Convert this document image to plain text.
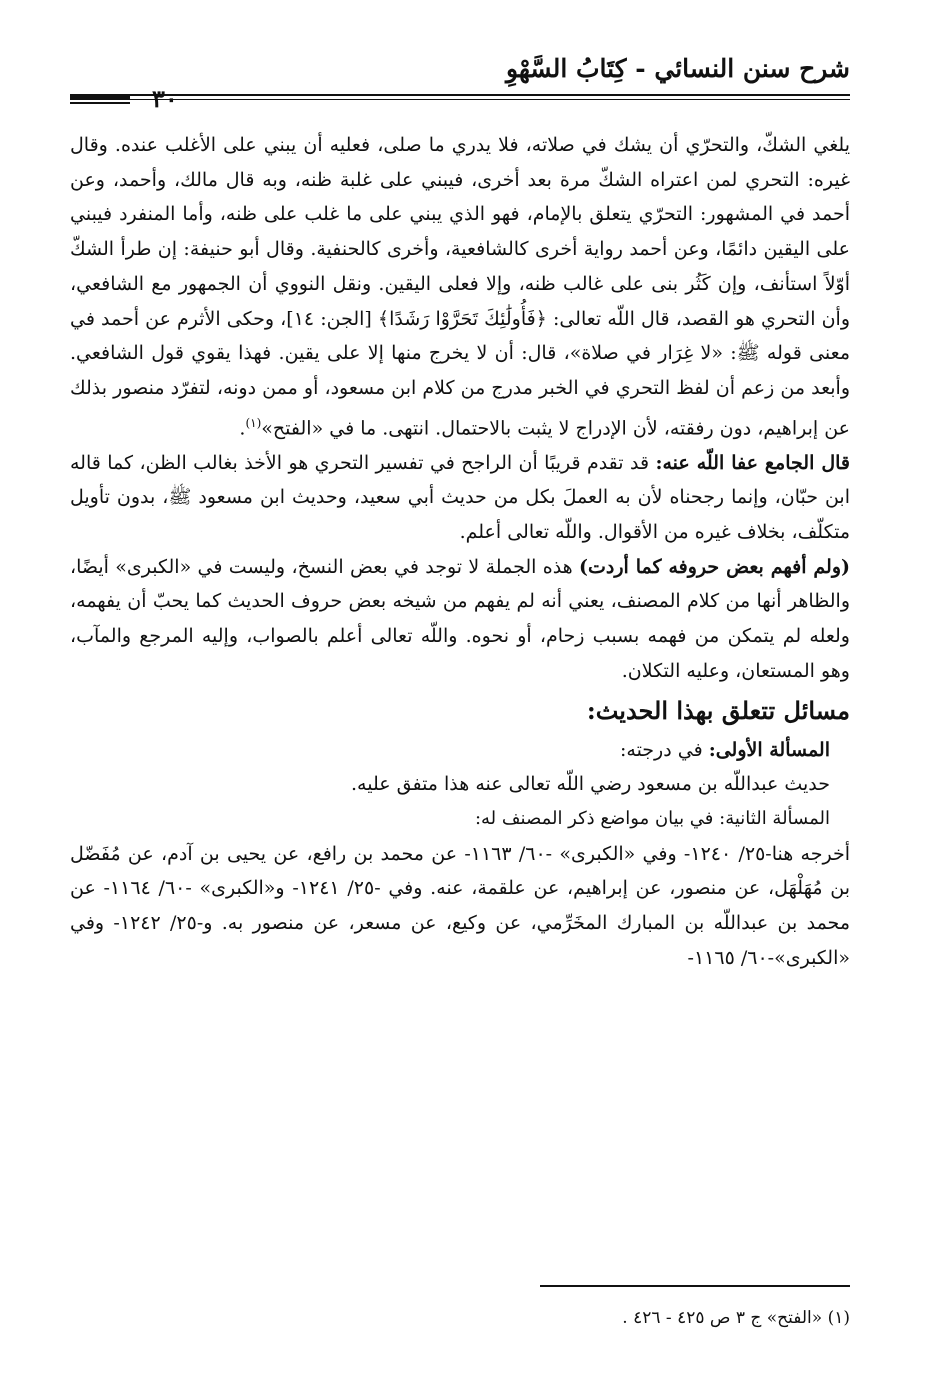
شرح سنن النسائي - كِتَابُ السَّهْوِ
٣٠

يلغي الشكّ، والتحرّي أن يشك في صلاته، فلا يدري ما صلى، فعليه أن يبني على الأغلب عنده. وقال غيره: التحري لمن اعتراه الشكّ مرة بعد أخرى، فيبني على غلبة ظنه، وبه قال مالك، وأحمد، وعن أحمد في المشهور: التحرّي يتعلق بالإمام، فهو الذي يبني على ما غلب على ظنه، وأما المنفرد فيبني على اليقين دائمًا، وعن أحمد رواية أخرى كالشافعية، وأخرى كالحنفية. وقال أبو حنيفة: إن طرأ الشكّ أوّلاً استأنف، وإن كَثُر بنى على غالب ظنه، وإلا فعلى اليقين. ونقل النووي أن الجمهور مع الشافعي، وأن التحري هو القصد، قال اللّه تعالى: ﴿فَأُولَٰئِكَ تَحَرَّوْا رَشَدًا﴾ [الجن: ١٤]، وحكى الأثرم عن أحمد في معنى قوله ﷺ: «لا غِرَار في صلاة»، قال: أن لا يخرج منها إلا على يقين. فهذا يقوي قول الشافعي. وأبعد من زعم أن لفظ التحري في الخبر مدرج من كلام ابن مسعود، أو ممن دونه، لتفرّد منصور بذلك عن إبراهيم، دون رفقته، لأن الإدراج لا يثبت بالاحتمال. انتهى. ما في «الفتح»$^{(١)}$.

قال الجامع عفا اللّه عنه: قد تقدم قريبًا أن الراجح في تفسير التحري هو الأخذ بغالب الظن، كما قاله ابن حبّان، وإنما رجحناه لأن به العملَ بكل من حديث أبي سعيد، وحديث ابن مسعود ﷺ، بدون تأويل متكلّف، بخلاف غيره من الأقوال. واللّه تعالى أعلم.

(ولم أفهم بعض حروفه كما أردت) هذه الجملة لا توجد في بعض النسخ، وليست في «الكبرى» أيضًا، والظاهر أنها من كلام المصنف، يعني أنه لم يفهم من شيخه بعض حروف الحديث كما يحبّ أن يفهمه، ولعله لم يتمكن من فهمه بسبب زحام، أو نحوه. واللّه تعالى أعلم بالصواب، وإليه المرجع والمآب، وهو المستعان، وعليه التكلان.

مسائل تتعلق بهذا الحديث:

المسألة الأولى: في درجته:

حديث عبداللّه بن مسعود رضي اللّه تعالى عنه هذا متفق عليه.

المسألة الثانية: في بيان مواضع ذكر المصنف له:

أخرجه هنا-٢٥/ ١٢٤٠- وفي «الكبرى» -٦٠/ ١١٦٣- عن محمد بن رافع، عن يحيى بن آدم، عن مُفَضّل بن مُهَلْهَل، عن منصور، عن إبراهيم، عن علقمة، عنه. وفي -٢٥/ ١٢٤١- و«الكبرى» -٦٠/ ١١٦٤- عن محمد بن عبداللّه بن المبارك المخَرِّمي، عن وكيع، عن مسعر، عن منصور به. و-٢٥/ ١٢٤٢- وفي «الكبرى»-٦٠/ ١١٦٥-

(١) «الفتح» ج ٣ ص ٤٢٥ - ٤٢٦ .
